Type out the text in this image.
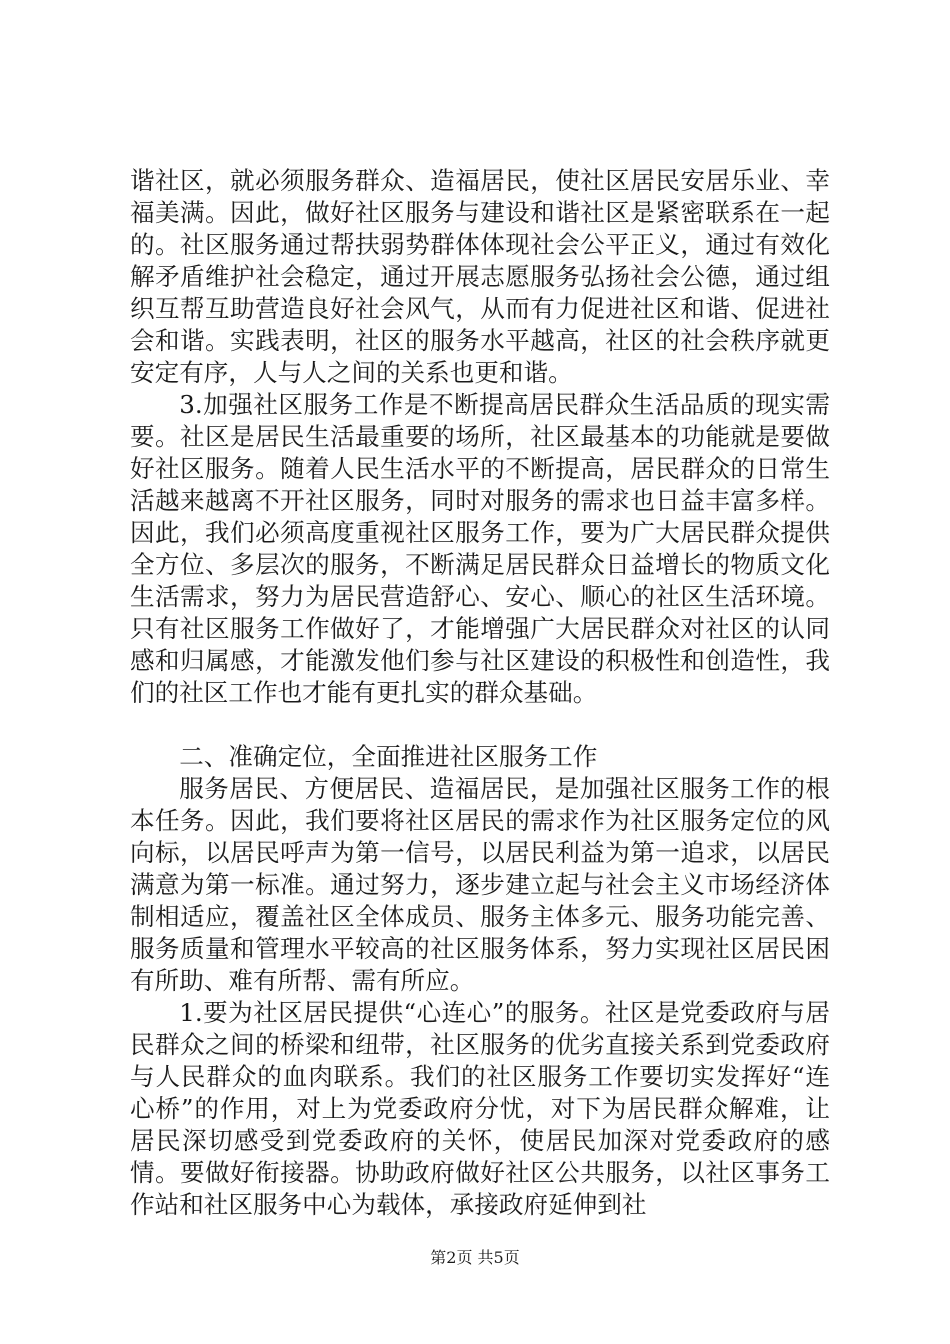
谐社区，就必须服务群众、造福居民，使社区居民安居乐业、幸福美满。因此，做好社区服务与建设和谐社区是紧密联系在一起的。社区服务通过帮扶弱势群体体现社会公平正义，通过有效化解矛盾维护社会稳定，通过开展志愿服务弘扬社会公德，通过组织互帮互助营造良好社会风气，从而有力促进社区和谐、促进社会和谐。实践表明，社区的服务水平越高，社区的社会秩序就更安定有序，人与人之间的关系也更和谐。

3.加强社区服务工作是不断提高居民群众生活品质的现实需要。社区是居民生活最重要的场所，社区最基本的功能就是要做好社区服务。随着人民生活水平的不断提高，居民群众的日常生活越来越离不开社区服务，同时对服务的需求也日益丰富多样。因此，我们必须高度重视社区服务工作，要为广大居民群众提供全方位、多层次的服务，不断满足居民群众日益增长的物质文化生活需求，努力为居民营造舒心、安心、顺心的社区生活环境。只有社区服务工作做好了，才能增强广大居民群众对社区的认同感和归属感，才能激发他们参与社区建设的积极性和创造性，我们的社区工作也才能有更扎实的群众基础。

二、准确定位，全面推进社区服务工作

服务居民、方便居民、造福居民，是加强社区服务工作的根本任务。因此，我们要将社区居民的需求作为社区服务定位的风向标，以居民呼声为第一信号，以居民利益为第一追求，以居民满意为第一标准。通过努力，逐步建立起与社会主义市场经济体制相适应，覆盖社区全体成员、服务主体多元、服务功能完善、服务质量和管理水平较高的社区服务体系，努力实现社区居民困有所助、难有所帮、需有所应。

1.要为社区居民提供“心连心”的服务。社区是党委政府与居民群众之间的桥梁和纽带，社区服务的优劣直接关系到党委政府与人民群众的血肉联系。我们的社区服务工作要切实发挥好“连心桥”的作用，对上为党委政府分忧，对下为居民群众解难，让居民深切感受到党委政府的关怀，使居民加深对党委政府的感情。要做好衔接器。协助政府做好社区公共服务，以社区事务工作站和社区服务中心为载体，承接政府延伸到社

第2页 共5页
